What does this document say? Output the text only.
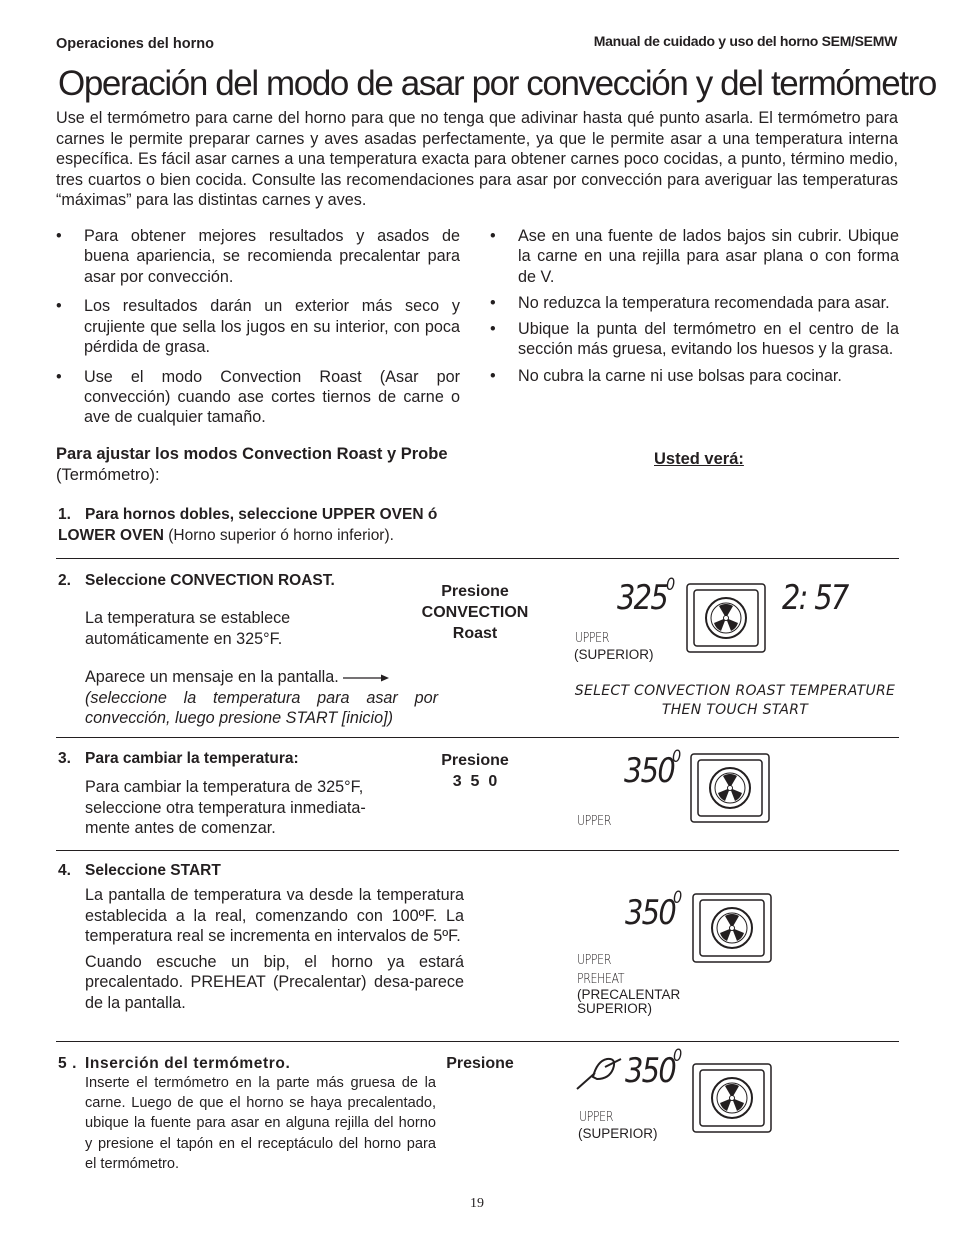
Operaciones del horno	Manual de cuidado y uso del horno SEM/SEMW
Operación del modo de asar por convección y del termómetro

Use el termómetro para carne del horno para que no tenga que adivinar hasta qué punto asarla. El termómetro para carnes le permite preparar carnes y aves asadas perfectamente, ya que le permite asar a una temperatura interna específica. Es fácil asar carnes a una temperatura exacta para obtener carnes poco cocidas, a punto, término medio, tres cuartos o bien cocida. Consulte las recomendaciones para asar por convección para averiguar las temperaturas “máximas” para las distintas carnes y aves.

• Para obtener mejores resultados y asados de buena apariencia, se recomienda precalentar para asar por convección.
• Los resultados darán un exterior más seco y crujiente que sella los jugos en su interior, con poca pérdida de grasa.
• Use el modo Convection Roast (Asar por convección) cuando ase cortes tiernos de carne o ave de cualquier tamaño.
• Ase en una fuente de lados bajos sin cubrir. Ubique la carne en una rejilla para asar plana o con forma de V.
• No reduzca la temperatura recomendada para asar.
• Ubique la punta del termómetro en el centro de la sección más gruesa, evitando los huesos y la grasa.
• No cubra la carne ni use bolsas para cocinar.
Para ajustar los modos Convection Roast y Probe (Termómetro):
Usted verá:
1. Para hornos dobles, seleccione UPPER OVEN ó LOWER OVEN (Horno superior ó horno inferior).
2. Seleccione CONVECTION ROAST.
La temperatura se establece automáticamente en 325°F.
Aparece un mensaje en la pantalla.
(seleccione la temperatura para asar por convección, luego presione START [inicio])
Presione
CONVECTION
Roast
325
0	2: 57
UPPER
(SUPERIOR)
SELECT CONVECTION ROAST TEMPERATURE
THEN TOUCH START
3. Para cambiar la temperatura:
Para cambiar la temperatura de 325°F, seleccione otra temperatura inmediata-mente antes de comenzar.
Presione
3  5  0	350
0
UPPER
4. Seleccione START
La pantalla de temperatura va desde la temperatura establecida a la real, comenzando con 100ºF. La temperatura real se incrementa en intervalos de 5ºF.
Cuando escuche un bip, el horno ya estará precalentado. PREHEAT (Precalentar) desa-parece de la pantalla.
350
0
UPPER
PREHEAT
(PRECALENTAR
SUPERIOR)
5 . Inserción del termómetro.
Inserte el termómetro en la parte más gruesa de la carne. Luego de que el horno se haya precalentado, ubique la fuente para asar en alguna rejilla del horno y presione el tapón en el receptáculo del horno para el termómetro.
Presione	350
0
UPPER
(SUPERIOR)
19
